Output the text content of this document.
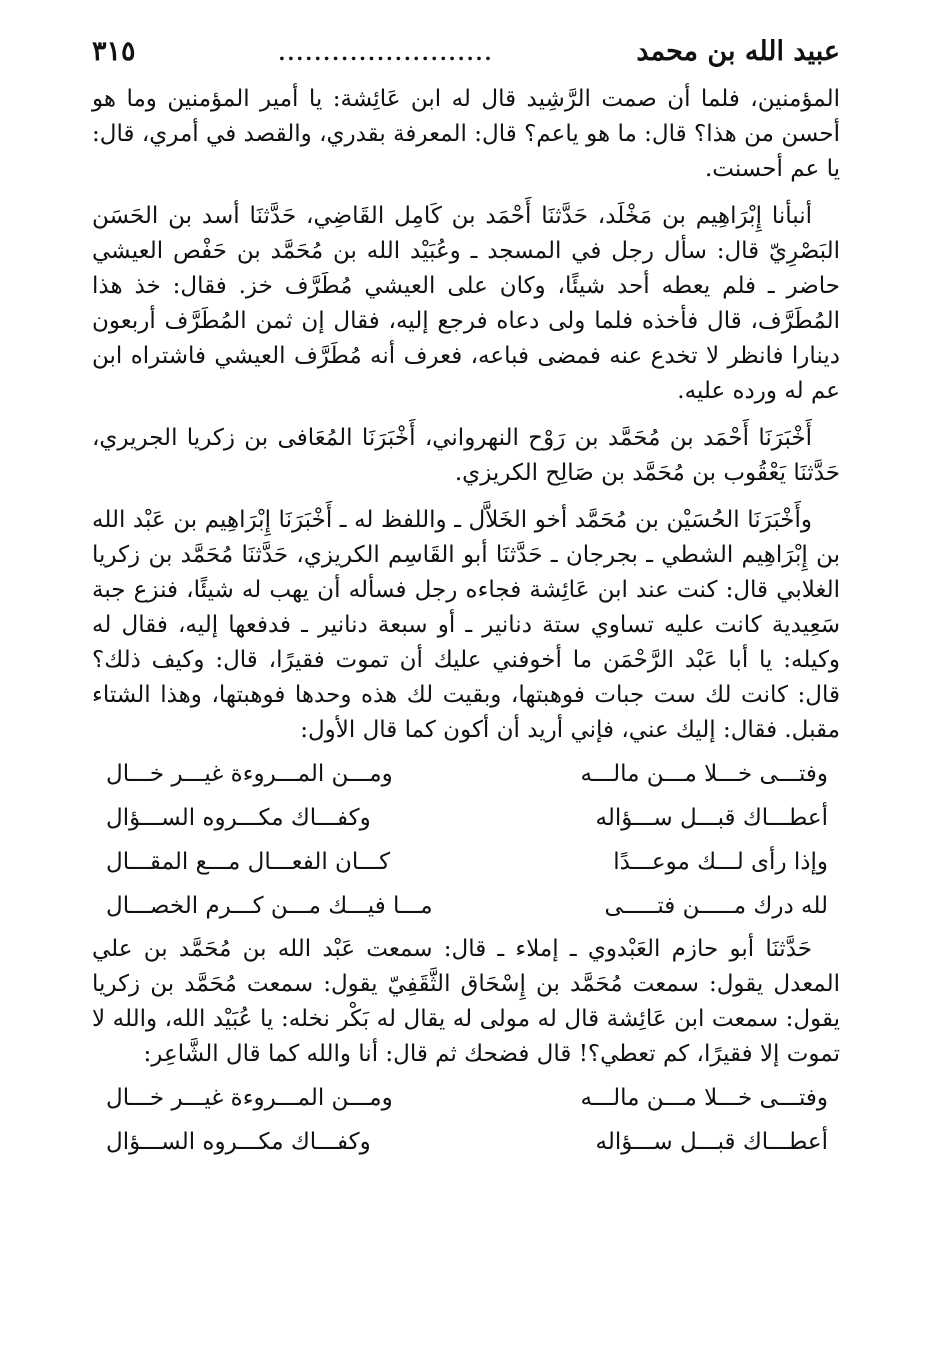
عبيد الله بن محمد
........................
٣١٥

المؤمنين، فلما أن صمت الرَّشِيد قال له ابن عَائِشة: يا أمير المؤمنين وما هو أحسن من هذا؟ قال: ما هو ياعم؟ قال: المعرفة بقدري، والقصد في أمري، قال: يا عم أحسنت.

أنبأنا إِبْرَاهِيم بن مَخْلَد، حَدَّثنَا أَحْمَد بن كَامِل القَاضِي، حَدَّثنَا أسد بن الحَسَن البَصْرِيّ قال: سأل رجل في المسجد ـ وعُبَيْد الله بن مُحَمَّد بن حَفْص العيشي حاضر ـ فلم يعطه أحد شيئًا، وكان على العيشي مُطَرَّف خز. فقال: خذ هذا المُطَرَّف، قال فأخذه فلما ولى دعاه فرجع إليه، فقال إن ثمن المُطَرَّف أربعون دينارا فانظر لا تخدع عنه فمضى فباعه، فعرف أنه مُطَرَّف العيشي فاشتراه ابن عم له ورده عليه.

أَخْبَرَنَا أَحْمَد بن مُحَمَّد بن رَوْح النهرواني، أَخْبَرَنَا المُعَافى بن زكريا الجريري، حَدَّثنَا يَعْقُوب بن مُحَمَّد بن صَالِح الكريزي.

وأَخْبَرَنَا الحُسَيْن بن مُحَمَّد أخو الخَلاَّل ـ واللفظ له ـ أَخْبَرَنَا إِبْرَاهِيم بن عَبْد الله بن إِبْرَاهِيم الشطي ـ بجرجان ـ حَدَّثنَا أبو القَاسِم الكريزي، حَدَّثنَا مُحَمَّد بن زكريا الغلابي قال: كنت عند ابن عَائِشة فجاءه رجل فسأله أن يهب له شيئًا، فنزع جبة سَعِيدية كانت عليه تساوي ستة دنانير ـ أو سبعة دنانير ـ فدفعها إليه، فقال له وكيله: يا أبا عَبْد الرَّحْمَن ما أخوفني عليك أن تموت فقيرًا، قال: وكيف ذلك؟ قال: كانت لك ست جبات فوهبتها، وبقيت لك هذه وحدها فوهبتها، وهذا الشتاء مقبل. فقال: إليك عني، فإني أريد أن أكون كما قال الأول:

وفتـــى خـــلا مـــن مالـــه
ومـــن المـــروءة غيـــر خـــال
أعطـــاك قبـــل ســـؤاله
وكفـــاك مكـــروه الســـؤال
وإذا رأى لـــك موعـــدًا
كـــان الفعـــال مـــع المقـــال
لله درك مـــــن فتـــــى
مـــا فيـــك مـــن كـــرم الخصـــال

حَدَّثنَا أبو حازم العَبْدوي ـ إملاء ـ قال: سمعت عَبْد الله بن مُحَمَّد بن علي المعدل يقول: سمعت مُحَمَّد بن إِسْحَاق الثَّقَفِيّ يقول: سمعت مُحَمَّد بن زكريا يقول: سمعت ابن عَائِشة قال له مولى له يقال له بَكْر نخله: يا عُبَيْد الله، والله لا تموت إلا فقيرًا، كم تعطي؟! قال فضحك ثم قال: أنا والله كما قال الشَّاعِر:

وفتـــى خـــلا مـــن مالـــه
ومـــن المـــروءة غيـــر خـــال
أعطـــاك قبـــل ســـؤاله
وكفـــاك مكـــروه الســـؤال
